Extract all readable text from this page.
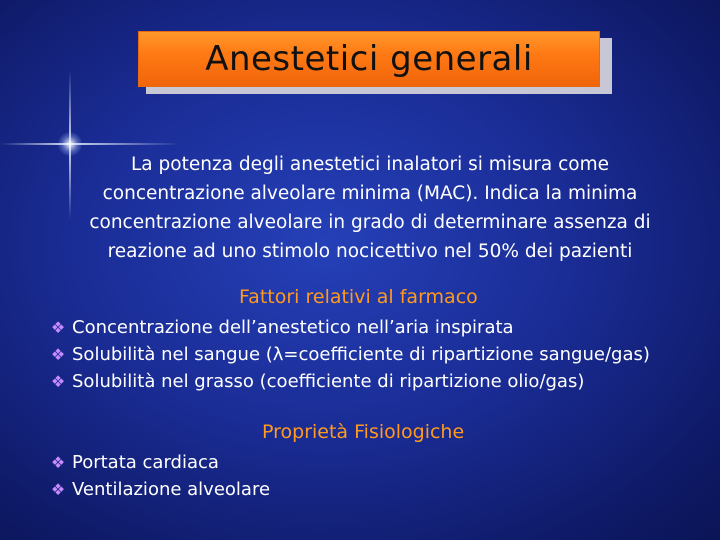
Anestetici generali
La potenza degli anestetici inalatori si misura come concentrazione alveolare minima (MAC). Indica la minima concentrazione alveolare in grado di determinare assenza di reazione ad uno stimolo nocicettivo nel 50% dei pazienti
Fattori relativi al farmaco
❖ Concentrazione dell’anestetico nell’aria inspirata
❖ Solubilità nel sangue (λ=coefficiente di ripartizione sangue/gas)
❖ Solubilità nel grasso (coefficiente di ripartizione olio/gas)
Proprietà Fisiologiche
❖ Portata cardiaca
❖ Ventilazione alveolare
